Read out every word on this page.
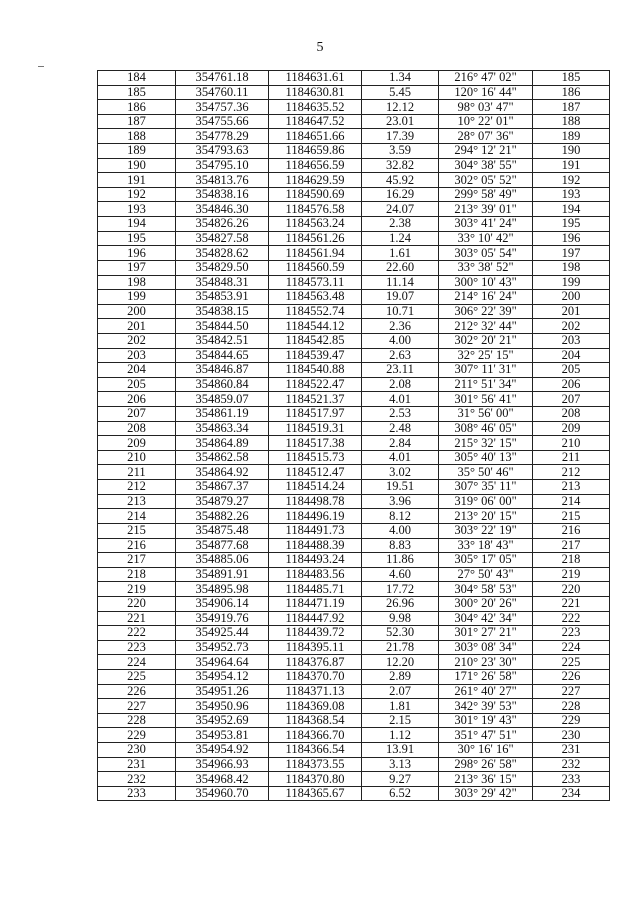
5
184	354761.18	1184631.61	1.34	216° 47' 02"	185
185	354760.11	1184630.81	5.45	120° 16' 44"	186
186	354757.36	1184635.52	12.12	98° 03' 47"	187
187	354755.66	1184647.52	23.01	10° 22' 01"	188
188	354778.29	1184651.66	17.39	28° 07' 36"	189
189	354793.63	1184659.86	3.59	294° 12' 21"	190
190	354795.10	1184656.59	32.82	304° 38' 55"	191
191	354813.76	1184629.59	45.92	302° 05' 52"	192
192	354838.16	1184590.69	16.29	299° 58' 49"	193
193	354846.30	1184576.58	24.07	213° 39' 01"	194
194	354826.26	1184563.24	2.38	303° 41' 24"	195
195	354827.58	1184561.26	1.24	33° 10' 42"	196
196	354828.62	1184561.94	1.61	303° 05' 54"	197
197	354829.50	1184560.59	22.60	33° 38' 52"	198
198	354848.31	1184573.11	11.14	300° 10' 43"	199
199	354853.91	1184563.48	19.07	214° 16' 24"	200
200	354838.15	1184552.74	10.71	306° 22' 39"	201
201	354844.50	1184544.12	2.36	212° 32' 44"	202
202	354842.51	1184542.85	4.00	302° 20' 21"	203
203	354844.65	1184539.47	2.63	32° 25' 15"	204
204	354846.87	1184540.88	23.11	307° 11' 31"	205
205	354860.84	1184522.47	2.08	211° 51' 34"	206
206	354859.07	1184521.37	4.01	301° 56' 41"	207
207	354861.19	1184517.97	2.53	31° 56' 00"	208
208	354863.34	1184519.31	2.48	308° 46' 05"	209
209	354864.89	1184517.38	2.84	215° 32' 15"	210
210	354862.58	1184515.73	4.01	305° 40' 13"	211
211	354864.92	1184512.47	3.02	35° 50' 46"	212
212	354867.37	1184514.24	19.51	307° 35' 11"	213
213	354879.27	1184498.78	3.96	319° 06' 00"	214
214	354882.26	1184496.19	8.12	213° 20' 15"	215
215	354875.48	1184491.73	4.00	303° 22' 19"	216
216	354877.68	1184488.39	8.83	33° 18' 43"	217
217	354885.06	1184493.24	11.86	305° 17' 05"	218
218	354891.91	1184483.56	4.60	27° 50' 43"	219
219	354895.98	1184485.71	17.72	304° 58' 53"	220
220	354906.14	1184471.19	26.96	300° 20' 26"	221
221	354919.76	1184447.92	9.98	304° 42' 34"	222
222	354925.44	1184439.72	52.30	301° 27' 21"	223
223	354952.73	1184395.11	21.78	303° 08' 34"	224
224	354964.64	1184376.87	12.20	210° 23' 30"	225
225	354954.12	1184370.70	2.89	171° 26' 58"	226
226	354951.26	1184371.13	2.07	261° 40' 27"	227
227	354950.96	1184369.08	1.81	342° 39' 53"	228
228	354952.69	1184368.54	2.15	301° 19' 43"	229
229	354953.81	1184366.70	1.12	351° 47' 51"	230
230	354954.92	1184366.54	13.91	30° 16' 16"	231
231	354966.93	1184373.55	3.13	298° 26' 58"	232
232	354968.42	1184370.80	9.27	213° 36' 15"	233
233	354960.70	1184365.67	6.52	303° 29' 42"	234
